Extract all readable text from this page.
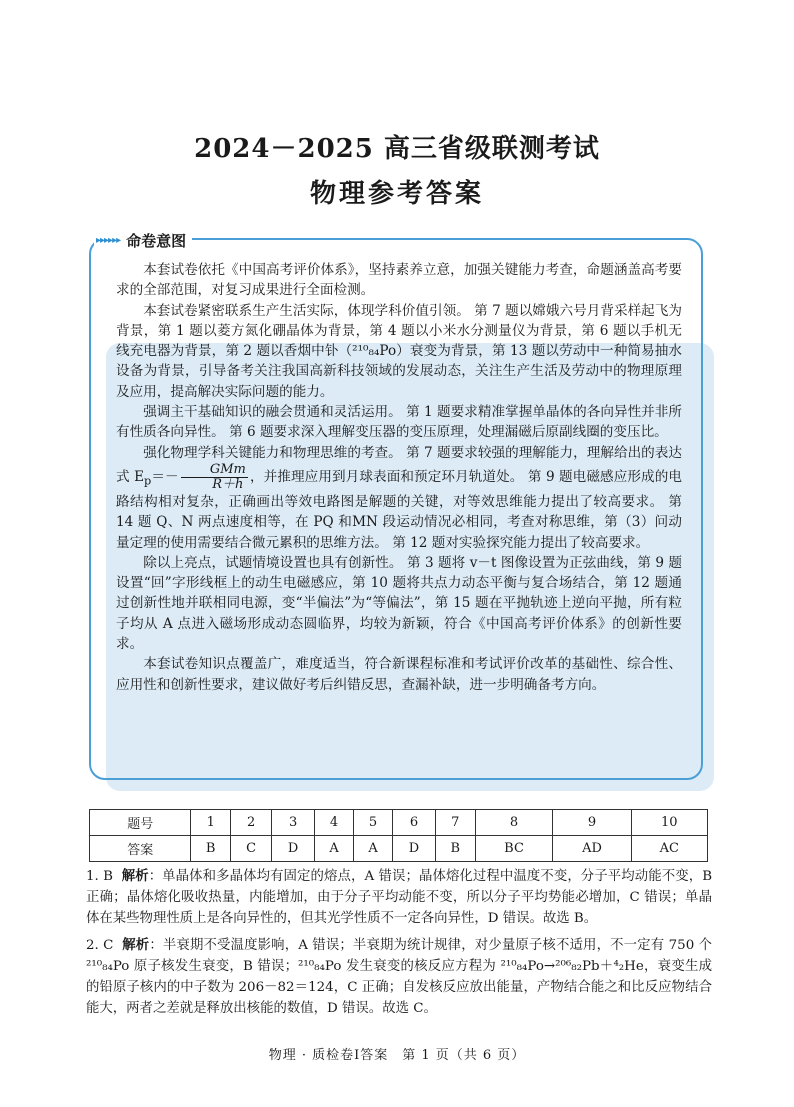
2024－2025 高三省级联测考试
物理参考答案
▸▸▸▸▸▸ 命卷意图

本套试卷依托《中国高考评价体系》，坚持素养立意，加强关键能力考查，命题涵盖高考要求的全部范围，对复习成果进行全面检测。

本套试卷紧密联系生产生活实际，体现学科价值引领。 第 7 题以嫦娥六号月背采样起飞为背景，第 1 题以菱方氮化硼晶体为背景，第 4 题以小米水分测量仪为背景，第 6 题以手机无线充电器为背景，第 2 题以香烟中钋（²¹⁰₈₄Po）衰变为背景，第 13 题以劳动中一种简易抽水设备为背景，引导备考关注我国高新科技领域的发展动态，关注生产生活及劳动中的物理原理及应用，提高解决实际问题的能力。

强调主干基础知识的融会贯通和灵活运用。 第 1 题要求精准掌握单晶体的各向异性并非所有性质各向异性。 第 6 题要求深入理解变压器的变压原理，处理漏磁后原副线圈的变压比。

强化物理学科关键能力和物理思维的考查。 第 7 题要求较强的理解能力，理解给出的表达式 $E_p=- \frac{\text{GMm}}{R+h}$ ，并推理应用到月球表面和预定环月轨道处。 第 9 题电磁感应形成的电路结构相对复杂，正确画出等效电路图是解题的关键，对等效思维能力提出了较高要求。 第 14 题 Q、N 两点速度相等，在 PQ 和MN 段运动情况必相同，考查对称思维，第（3）问动量定理的使用需要结合微元累积的思维方法。 第 12 题对实验探究能力提出了较高要求。

除以上亮点，试题情境设置也具有创新性。 第 3 题将 v－t 图像设置为正弦曲线，第 9 题设置“回”字形线框上的动生电磁感应，第 10 题将共点力动态平衡与复合场结合，第 12 题通过创新性地并联相同电源，变“半偏法”为“等偏法”，第 15 题在平抛轨迹上逆向平抛，所有粒子均从 A 点进入磁场形成动态圆临界，均较为新颖，符合《中国高考评价体系》的创新性要求。

本套试卷知识点覆盖广，难度适当，符合新课程标准和考试评价改革的基础性、综合性、应用性和创新性要求，建议做好考后纠错反思，查漏补缺，进一步明确备考方向。

题号	1	2	3	4	5	6	7	8	9	10
答案	B	C	D	A	A	D	B	BC	AD	AC
1. B 解析：单晶体和多晶体均有固定的熔点，A 错误；晶体熔化过程中温度不变，分子平均动能不变，B 正确；晶体熔化吸收热量，内能增加，由于分子平均动能不变，所以分子平均势能必增加，C 错误；单晶体在某些物理性质上是各向异性的，但其光学性质不一定各向异性，D 错误。故选 B。
2. C 解析：半衰期不受温度影响，A 错误；半衰期为统计规律，对少量原子核不适用，不一定有 750 个 ²¹⁰₈₄Po 原子核发生衰变，B 错误；²¹⁰₈₄Po 发生衰变的核反应方程为 ²¹⁰₈₄Po→²⁰⁶₈₂Pb＋⁴₂He，衰变生成的铅原子核内的中子数为 206－82＝124，C 正确；自发核反应放出能量，产物结合能之和比反应物结合能大，两者之差就是释放出核能的数值，D 错误。故选 C。
物理 · 质检卷Ⅰ答案　第 1 页（共 6 页）
